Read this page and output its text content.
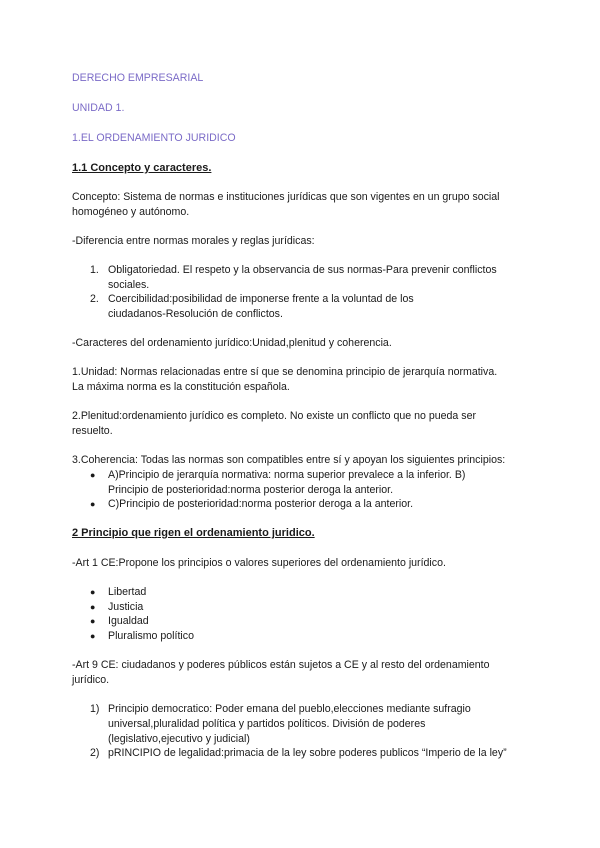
DERECHO EMPRESARIAL
UNIDAD 1.
1.EL ORDENAMIENTO JURIDICO
1.1 Concepto y caracteres.
Concepto: Sistema de normas e instituciones jurídicas que son vigentes en un grupo social
homogéneo y autónomo.
-Diferencia entre normas morales y reglas jurídicas:
1. Obligatoriedad. El respeto y la observancia de sus normas-Para prevenir conflictos
sociales.
2. Coercibilidad:posibilidad de imponerse frente a la voluntad de los
ciudadanos-Resolución de conflictos.
-Caracteres del ordenamiento jurídico:Unidad,plenitud y coherencia.
1.Unidad: Normas relacionadas entre sí que se denomina principio de jerarquía normativa.
La máxima norma es la constitución española.
2.Plenitud:ordenamiento jurídico es completo. No existe un conflicto que no pueda ser
resuelto.
3.Coherencia: Todas las normas son compatibles entre sí y apoyan los siguientes principios:
● A)Principio de jerarquía normativa: norma superior prevalece a la inferior. B)
Principio de posterioridad:norma posterior deroga la anterior.
● C)Principio de posterioridad:norma posterior deroga a la anterior.
2 Principio que rigen el ordenamiento juridico.
-Art 1 CE:Propone los principios o valores superiores del ordenamiento jurídico.
● Libertad
● Justicia
● Igualdad
● Pluralismo político
-Art 9 CE: ciudadanos y poderes públicos están sujetos a CE y al resto del ordenamiento
jurídico.
1) Principio democratico: Poder emana del pueblo,elecciones mediante sufragio
universal,pluralidad política y partidos políticos. División de poderes
(legislativo,ejecutivo y judicial)
2) pRINCIPIO de legalidad:primacia de la ley sobre poderes publicos “Imperio de la ley”
